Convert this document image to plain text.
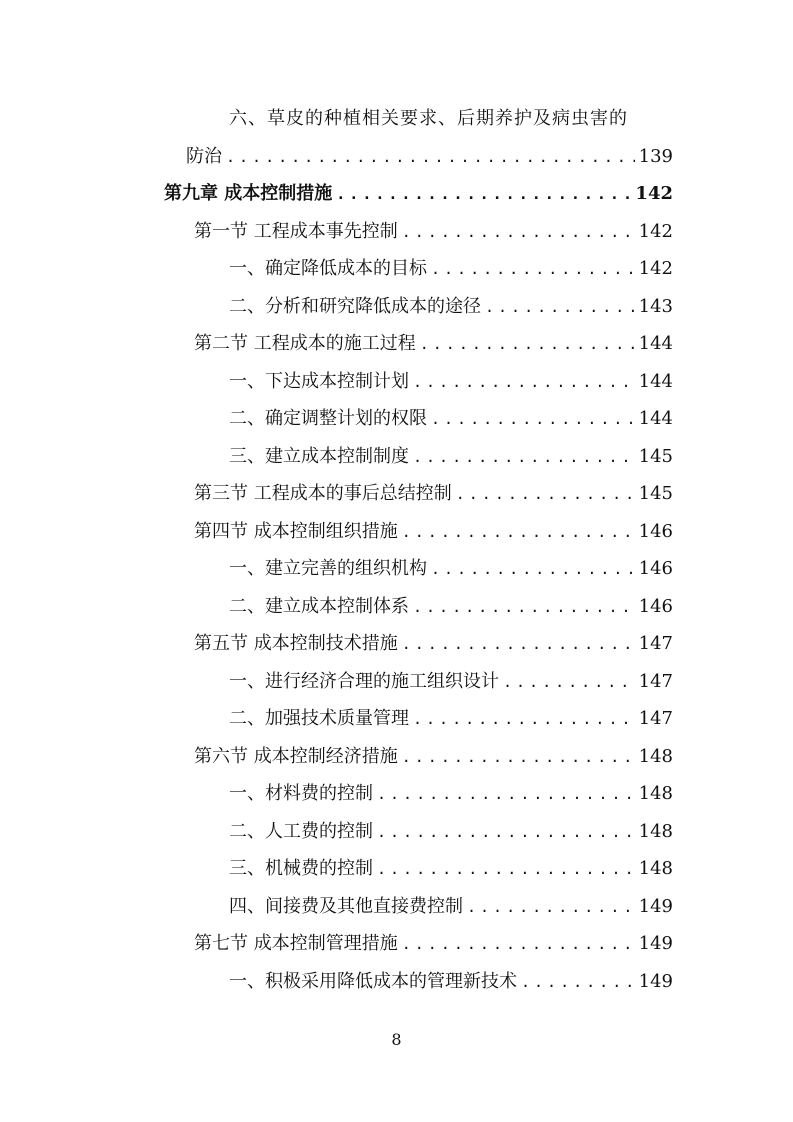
六、草皮的种植相关要求、后期养护及病虫害的
防治 .....	139
第九章 成本控制措施 .....	142
第一节 工程成本事先控制 .....	142
一、确定降低成本的目标 .....	142
二、分析和研究降低成本的途径 .....	143
第二节 工程成本的施工过程 .....	144
一、下达成本控制计划 .....	144
二、确定调整计划的权限 .....	144
三、建立成本控制制度 .....	145
第三节 工程成本的事后总结控制 .....	145
第四节 成本控制组织措施 .....	146
一、建立完善的组织机构 .....	146
二、建立成本控制体系 .....	146
第五节 成本控制技术措施 .....	147
一、进行经济合理的施工组织设计 .....	147
二、加强技术质量管理 .....	147
第六节 成本控制经济措施 .....	148
一、材料费的控制 .....	148
二、人工费的控制 .....	148
三、机械费的控制 .....	148
四、间接费及其他直接费控制 .....	149
第七节 成本控制管理措施 .....	149
一、积极采用降低成本的管理新技术 .....	149
8
